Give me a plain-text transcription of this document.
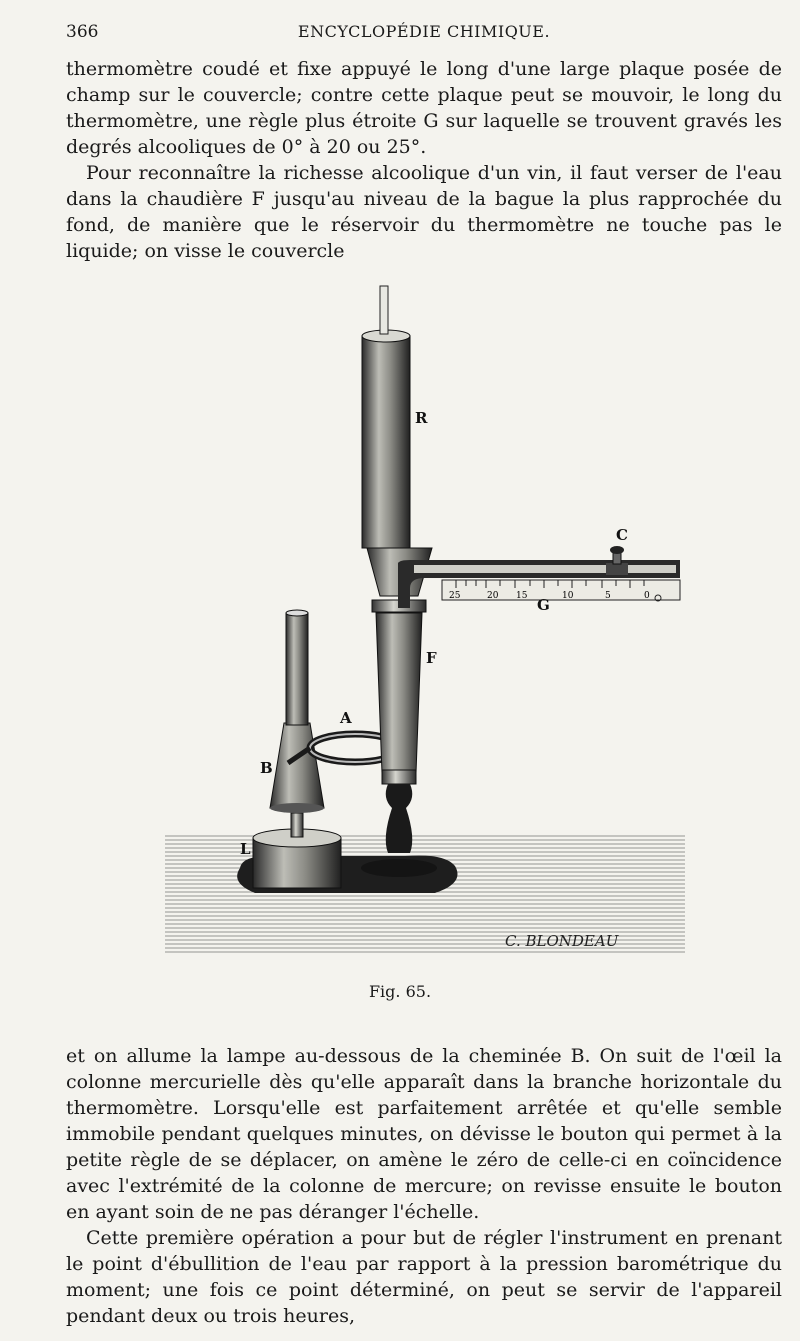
366	ENCYCLOPÉDIE CHIMIQUE.

thermomètre coudé et fixe appuyé le long d'une large plaque posée de champ sur le couvercle; contre cette plaque peut se mouvoir, le long du thermomètre, une règle plus étroite G sur laquelle se trouvent gravés les degrés alcooliques de 0° à 20 ou 25°.

Pour reconnaître la richesse alcoolique d'un vin, il faut verser de l'eau dans la chaudière F jusqu'au niveau de la bague la plus rapprochée du fond, de manière que le réservoir du thermomètre ne touche pas le liquide; on visse le couvercle

25	20 15	10	5	0
R
C
G
F
A
B
L
C. BLONDEAU
Fig. 65.

et on allume la lampe au-dessous de la cheminée B. On suit de l'œil la colonne mercurielle dès qu'elle apparaît dans la branche horizontale du thermomètre. Lorsqu'elle est parfaitement arrêtée et qu'elle semble immobile pendant quelques minutes, on dévisse le bouton qui permet à la petite règle de se déplacer, on amène le zéro de celle-ci en coïncidence avec l'extrémité de la colonne de mercure; on revisse ensuite le bouton en ayant soin de ne pas déranger l'échelle.

Cette première opération a pour but de régler l'instrument en prenant le point d'ébullition de l'eau par rapport à la pression barométrique du moment; une fois ce point déterminé, on peut se servir de l'appareil pendant deux ou trois heures,
